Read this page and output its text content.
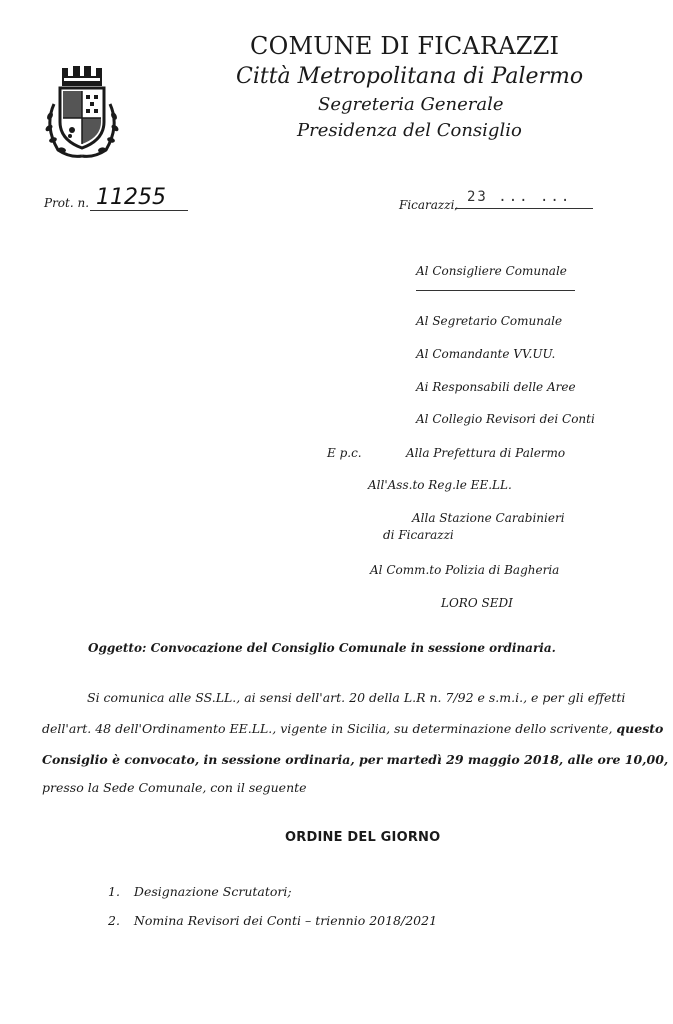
COMUNE DI FICARAZZI
Città Metropolitana di Palermo
Segreteria Generale
Presidenza del Consiglio
Prot. n. 11255	Ficarazzi, 23 ... ...
Al Consigliere Comunale
Al Segretario Comunale
Al Comandante VV.UU.
Ai Responsabili delle Aree
Al Collegio Revisori dei Conti
E p.c.	Alla Prefettura di Palermo
All'Ass.to Reg.le EE.LL.
Alla Stazione Carabinieri
di Ficarazzi
Al Comm.to Polizia di Bagheria
LORO SEDI
Oggetto: Convocazione del Consiglio Comunale in sessione ordinaria.
Si comunica alle SS.LL., ai sensi dell'art. 20 della L.R n. 7/92 e s.m.i., e per gli effetti
dell'art. 48 dell'Ordinamento EE.LL., vigente in Sicilia, su determinazione dello scrivente, questo
Consiglio è convocato, in sessione ordinaria, per martedì 29 maggio 2018, alle ore 10,00,
presso la Sede Comunale, con il seguente
ORDINE DEL GIORNO
1. Designazione Scrutatori;
2. Nomina Revisori dei Conti – triennio 2018/2021
